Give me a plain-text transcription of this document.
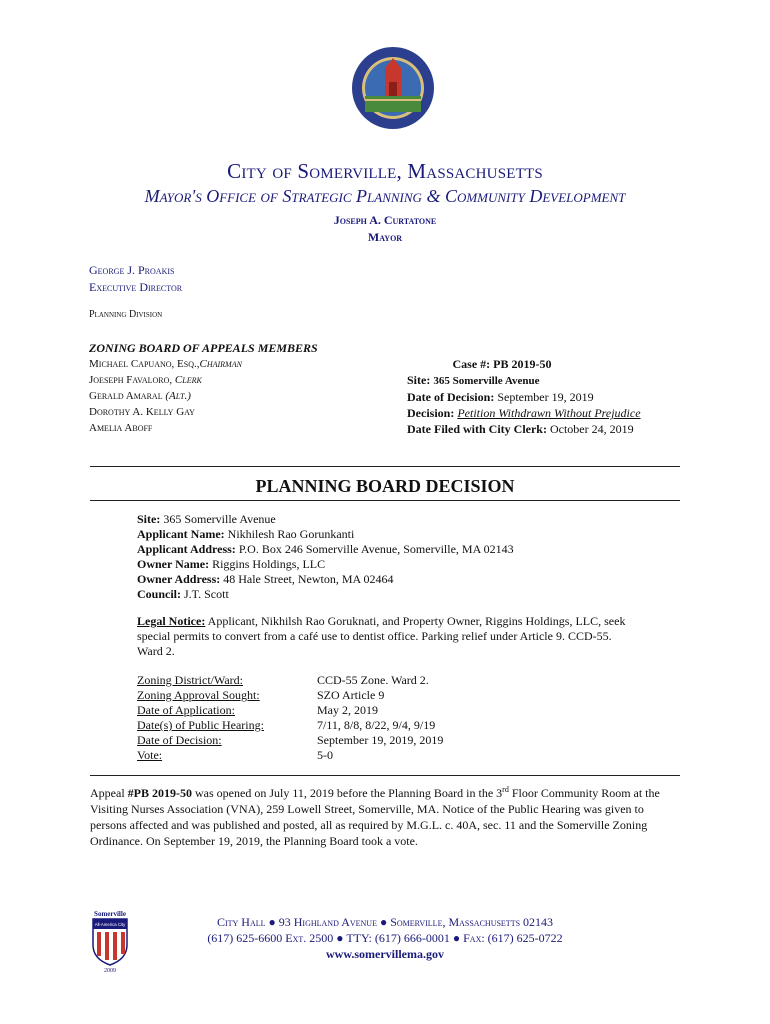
City of Somerville, Massachusetts
Mayor's Office of Strategic Planning & Community Development
Joseph A. Curtatone
Mayor
George J. Proakis
Executive Director
Planning Division
ZONING BOARD OF APPEALS MEMBERS
Michael Capuano, Esq.,Chairman
Joeseph Favaloro, Clerk
Gerald Amaral (Alt.)
Dorothy A. Kelly Gay
Amelia Aboff
Case #: PB 2019-50
Site: 365 Somerville Avenue
Date of Decision: September 19, 2019
Decision: Petition Withdrawn Without Prejudice
Date Filed with City Clerk: October 24, 2019
PLANNING BOARD DECISION
Site: 365 Somerville Avenue
Applicant Name: Nikhilesh Rao Gorunkanti
Applicant Address: P.O. Box 246 Somerville Avenue, Somerville, MA 02143
Owner Name: Riggins Holdings, LLC
Owner Address: 48 Hale Street, Newton, MA 02464
Council: J.T. Scott
Legal Notice: Applicant, Nikhilsh Rao Goruknati, and Property Owner, Riggins Holdings, LLC, seek
special permits to convert from a café use to dentist office. Parking relief under Article 9. CCD-55.
Ward 2.
Zoning District/Ward:
Zoning Approval Sought:
Date of Application:
Date(s) of Public Hearing:
Date of Decision:
Vote:
CCD-55 Zone. Ward 2.
SZO Article 9
May 2, 2019
7/11, 8/8, 8/22, 9/4, 9/19
September 19, 2019, 2019
5-0
Appeal #PB 2019-50 was opened on July 11, 2019 before the Planning Board in the 3rd Floor Community Room at the Visiting Nurses Association (VNA), 259 Lowell Street, Somerville, MA. Notice of the Public Hearing was given to persons affected and was published and posted, all as required by M.G.L. c. 40A, sec. 11 and the Somerville Zoning Ordinance. On September 19, 2019, the Planning Board took a vote.
Somerville
All-America City
2009
City Hall ● 93 Highland Avenue ● Somerville, Massachusetts 02143
(617) 625-6600 Ext. 2500 ● TTY: (617) 666-0001 ● Fax: (617) 625-0722
www.somervillema.gov
